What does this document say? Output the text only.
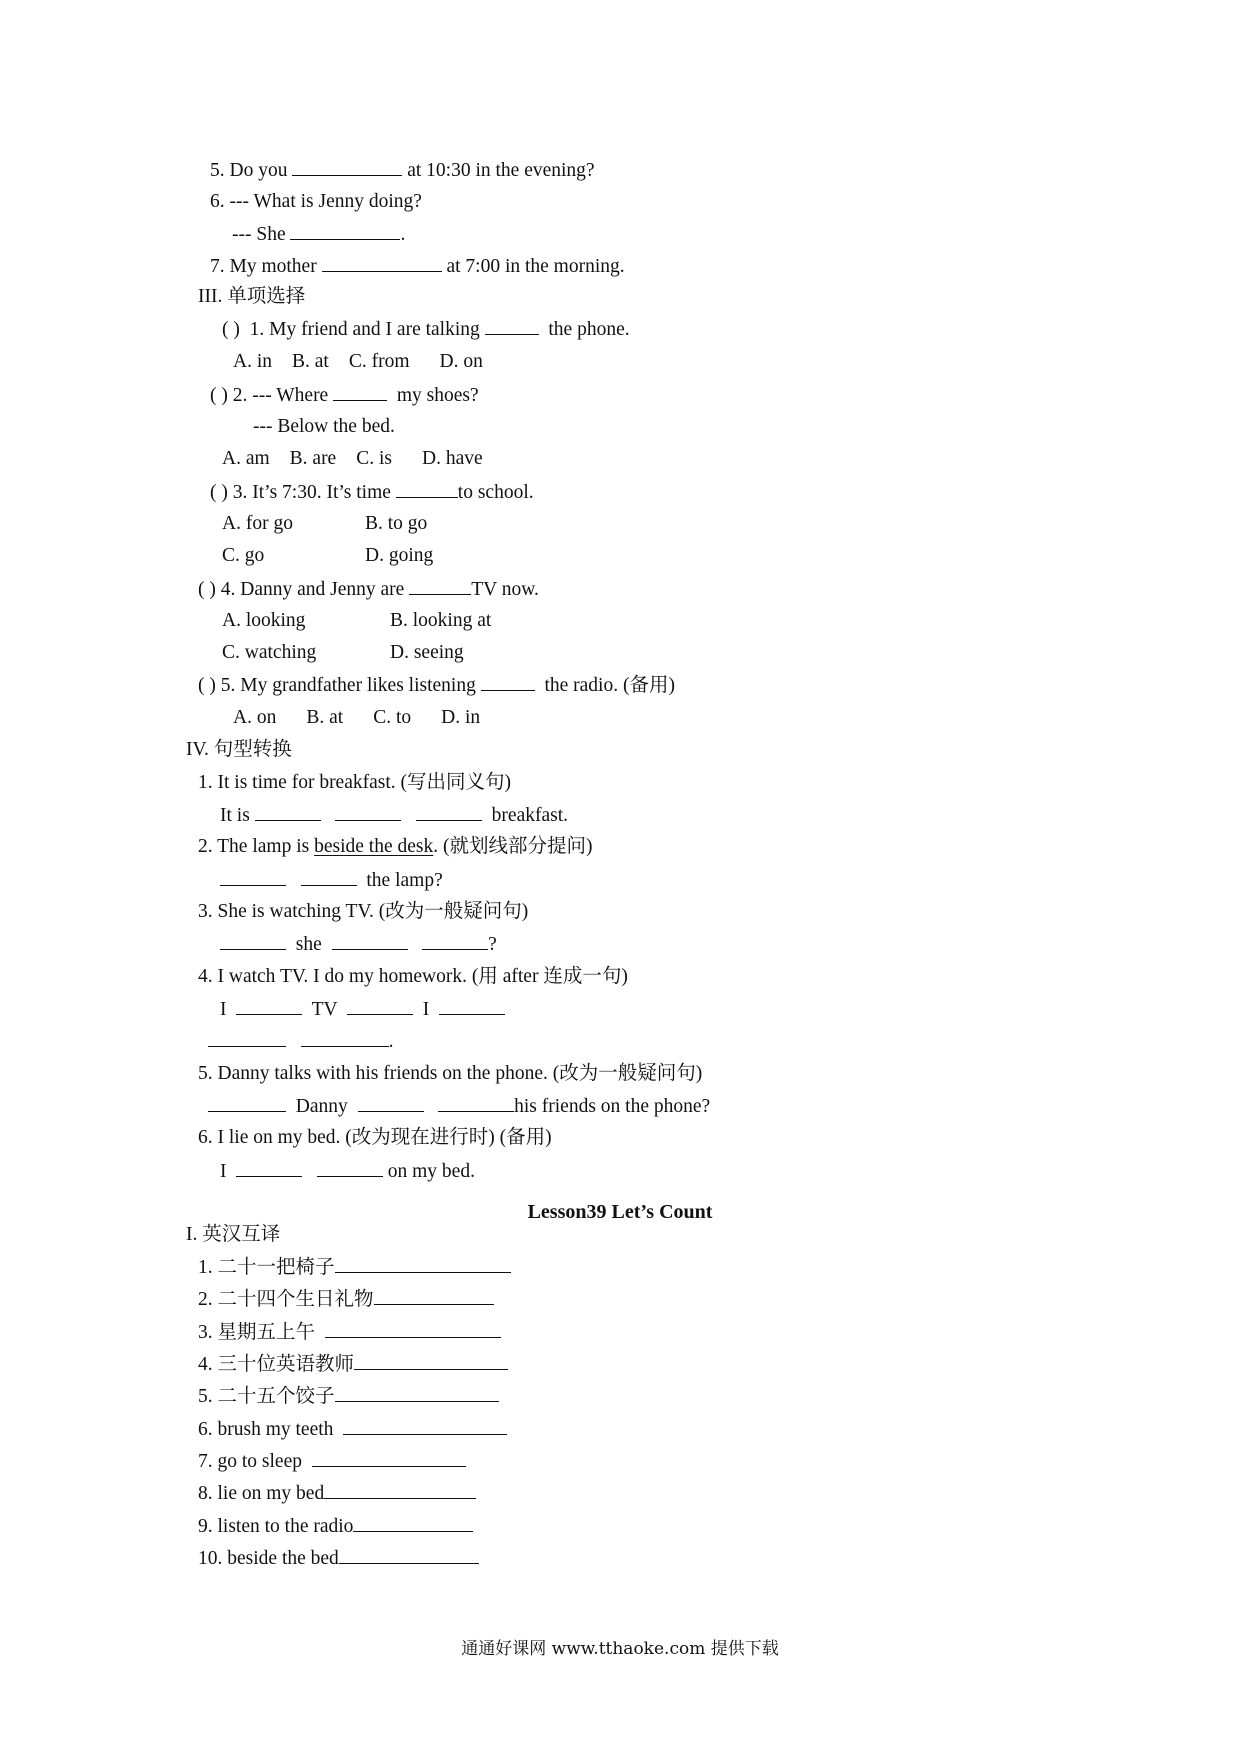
5. Do you	at 10:30 in the evening?
6. --- What is Jenny doing?
--- She	.
7. My mother	at 7:00 in the morning.
III. 单项选择
( ) 1. My friend and I are talking	the phone.
A. in B. at C. from D. on
( ) 2. --- Where	my shoes?
--- Below the bed.
A. am B. are C. is D. have
( ) 3. It’s 7:30. It’s time	to school.
A. for go	B. to go
C. go	D. going
( ) 4. Danny and Jenny are	TV now.
A. looking	B. looking at
C. watching	D. seeing
( ) 5. My grandfather likes listening	the radio. (备用)
A. on B. at C. to D. in
IV. 句型转换
1. It is time for breakfast. (写出同义句)
It is	breakfast.
2. The lamp is beside the desk. (就划线部分提问)
the lamp?
3. She is watching TV. (改为一般疑问句)
she	?
4. I watch TV. I do my homework. (用 after 连成一句)
I	TV	I
.
5. Danny talks with his friends on the phone. (改为一般疑问句)
Danny	his friends on the phone?
6. I lie on my bed. (改为现在进行时) (备用)
I	on my bed.
Lesson39 Let’s Count
I. 英汉互译
1. 二十一把椅子
2. 二十四个生日礼物
3. 星期五上午
4. 三十位英语教师
5. 二十五个饺子
6. brush my teeth
7. go to sleep
8. lie on my bed
9. listen to the radio
10. beside the bed
通通好课网 www.tthaoke.com 提供下载
